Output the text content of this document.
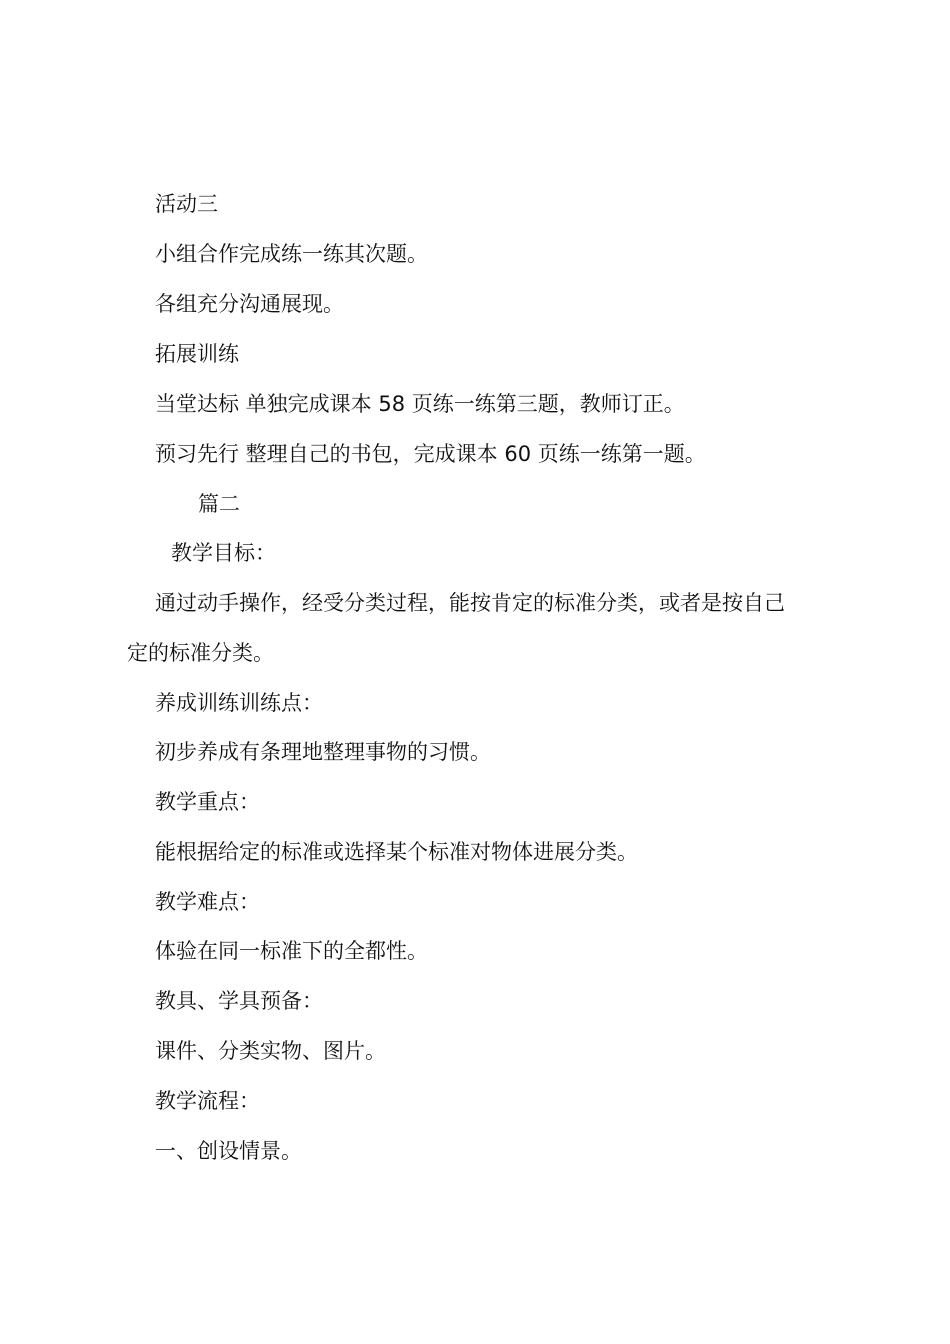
活动三
小组合作完成练一练其次题。
各组充分沟通展现。
拓展训练
当堂达标 单独完成课本 58 页练一练第三题，教师订正。
预习先行 整理自己的书包，完成课本 60 页练一练第一题。
篇二
教学目标：
通过动手操作，经受分类过程，能按肯定的标准分类，或者是按自己
定的标准分类。
养成训练训练点：
初步养成有条理地整理事物的习惯。
教学重点：
能根据给定的标准或选择某个标准对物体进展分类。
教学难点：
体验在同一标准下的全都性。
教具、学具预备：
课件、分类实物、图片。
教学流程：
一、创设情景。
